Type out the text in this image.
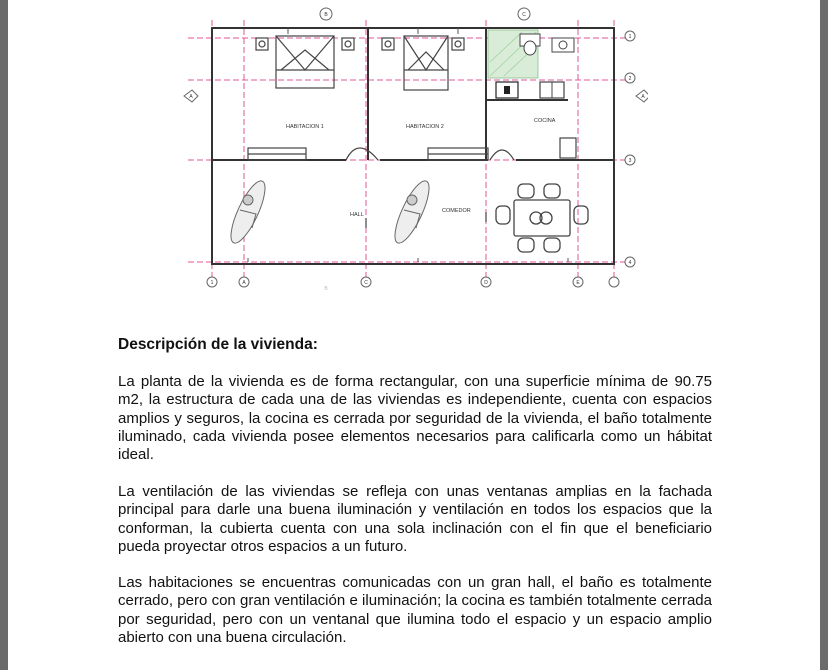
HABITACION 1	HABITACION 2
COCINA
HALL
COMEDOR
B	C
A	A
1
2
3
4
1	A
B
C	D	E
Descripción de la vivienda:

La planta de la vivienda es de forma rectangular, con una superficie mínima de 90.75 m2, la estructura de cada una de las viviendas es independiente, cuenta con espacios amplios y seguros, la cocina es cerrada por seguridad de la vivienda, el baño totalmente iluminado, cada vivienda posee elementos necesarios para calificarla como un hábitat ideal.

La ventilación de las viviendas se refleja con unas ventanas amplias en la fachada principal para darle una buena iluminación y ventilación en todos los espacios que la conforman, la cubierta cuenta con una sola inclinación con el fin que el beneficiario pueda proyectar otros espacios a un futuro.

Las habitaciones se encuentras comunicadas con un gran hall, el baño es totalmente cerrado, pero con gran ventilación e iluminación; la cocina es también totalmente cerrada por seguridad, pero con un ventanal que ilumina todo el espacio y un espacio amplio abierto con una buena circulación.
